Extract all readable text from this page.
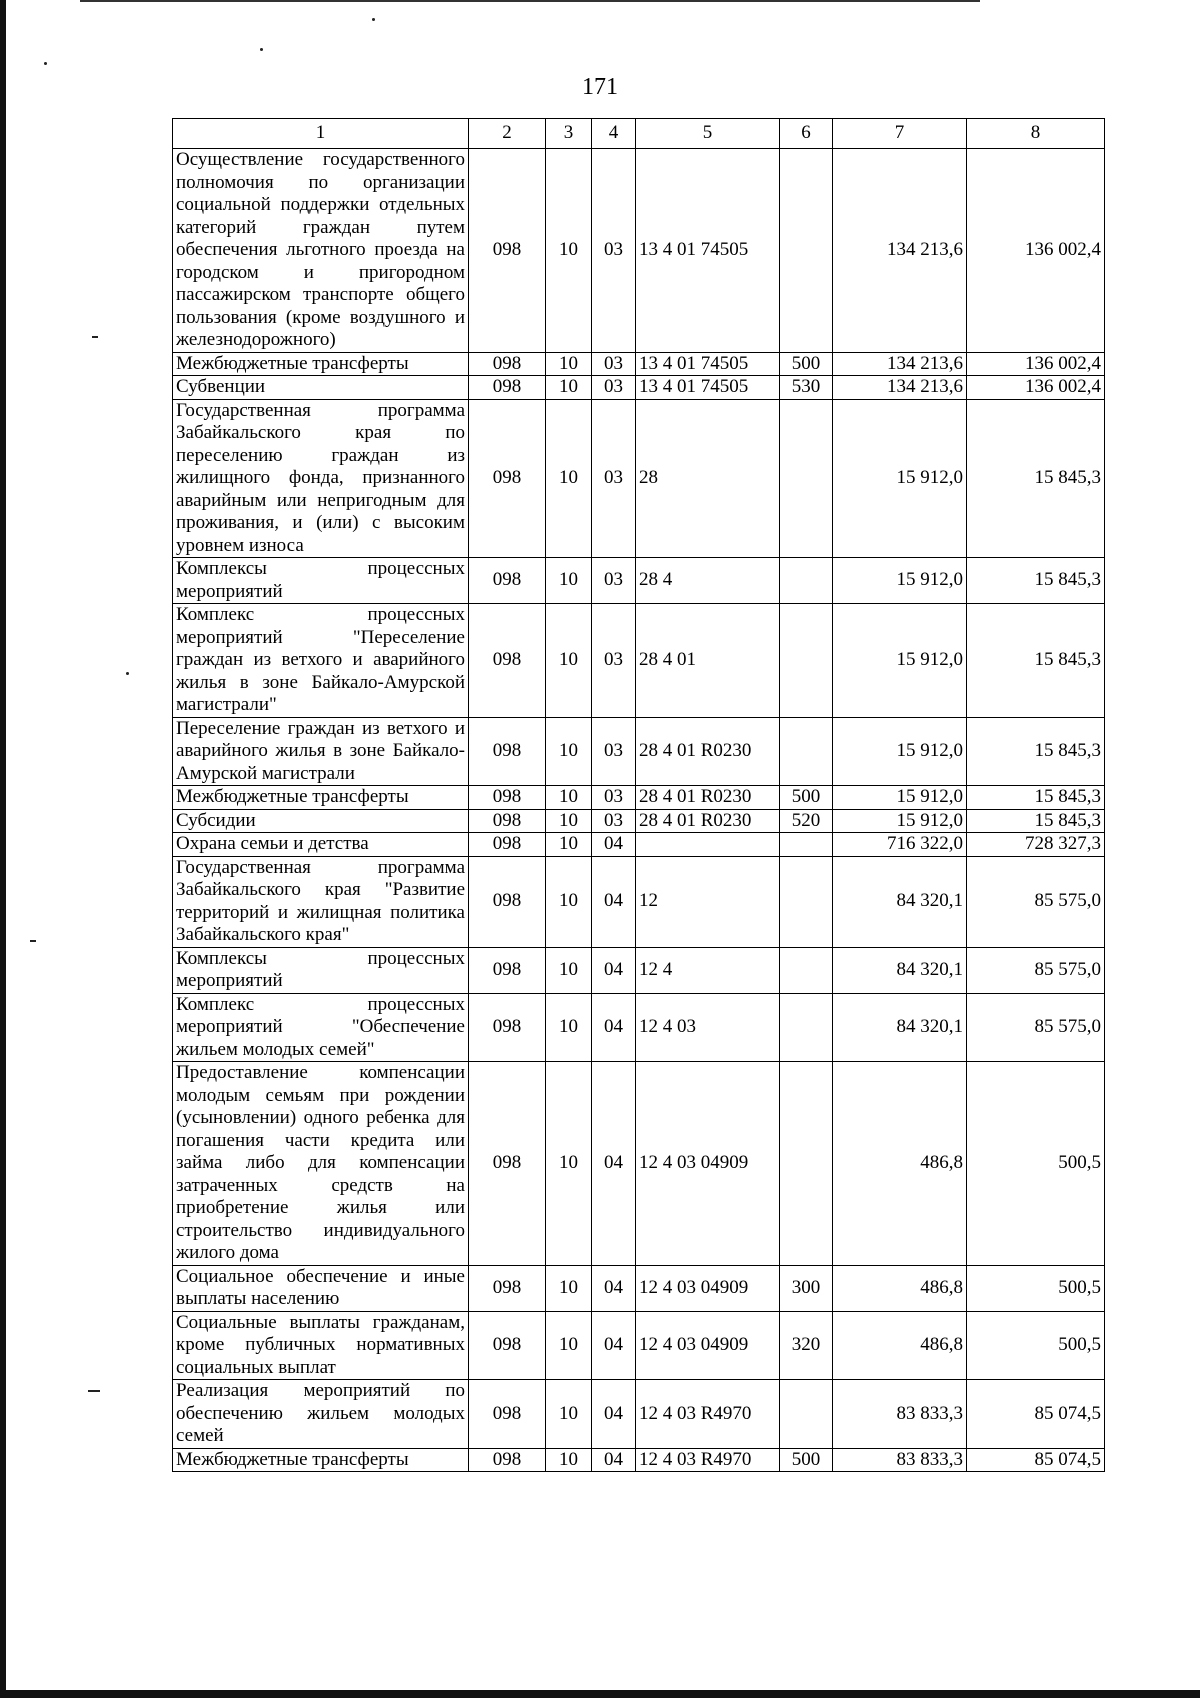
171
1	2	3	4	5	6	7	8
Осуществление государственного полномочия по организации социальной поддержки отдельных категорий граждан путем обеспечения льготного проезда на городском и пригородном пассажирском транспорте общего пользования (кроме воздушного и железнодорожного)	098	10	03	13 4 01 74505		134 213,6	136 002,4
Межбюджетные трансферты	098	10	03	13 4 01 74505	500	134 213,6	136 002,4
Субвенции	098	10	03	13 4 01 74505	530	134 213,6	136 002,4
Государственная программа Забайкальского края по переселению граждан из жилищного фонда, признанного аварийным или непригодным для проживания, и (или) с высоким уровнем износа	098	10	03	28		15 912,0	15 845,3
Комплексы процессных мероприятий	098	10	03	28 4		15 912,0	15 845,3
Комплекс процессных мероприятий "Переселение граждан из ветхого и аварийного жилья в зоне Байкало-Амурской магистрали"	098	10	03	28 4 01		15 912,0	15 845,3
Переселение граждан из ветхого и аварийного жилья в зоне Байкало-Амурской магистрали	098	10	03	28 4 01 R0230		15 912,0	15 845,3
Межбюджетные трансферты	098	10	03	28 4 01 R0230	500	15 912,0	15 845,3
Субсидии	098	10	03	28 4 01 R0230	520	15 912,0	15 845,3
Охрана семьи и детства	098	10	04			716 322,0	728 327,3
Государственная программа Забайкальского края "Развитие территорий и жилищная политика Забайкальского края"	098	10	04	12		84 320,1	85 575,0
Комплексы процессных мероприятий	098	10	04	12 4		84 320,1	85 575,0
Комплекс процессных мероприятий "Обеспечение жильем молодых семей"	098	10	04	12 4 03		84 320,1	85 575,0
Предоставление компенсации молодым семьям при рождении (усыновлении) одного ребенка для погашения части кредита или займа либо для компенсации затраченных средств на приобретение жилья или строительство индивидуального жилого дома	098	10	04	12 4 03 04909		486,8	500,5
Социальное обеспечение и иные выплаты населению	098	10	04	12 4 03 04909	300	486,8	500,5
Социальные выплаты гражданам, кроме публичных нормативных социальных выплат	098	10	04	12 4 03 04909	320	486,8	500,5
Реализация мероприятий по обеспечению жильем молодых семей	098	10	04	12 4 03 R4970		83 833,3	85 074,5
Межбюджетные трансферты	098	10	04	12 4 03 R4970	500	83 833,3	85 074,5
